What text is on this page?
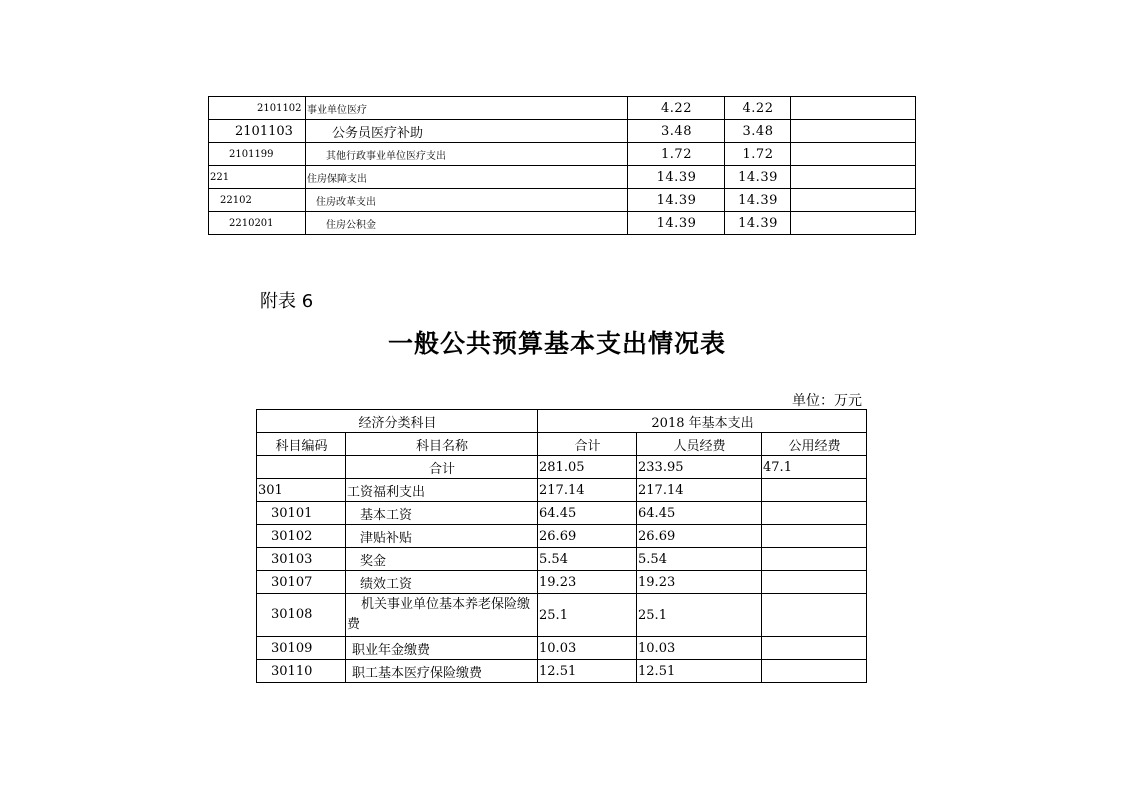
2101102	事业单位医疗	4.22	4.22	
2101103	公务员医疗补助	3.48	3.48	
2101199	其他行政事业单位医疗支出	1.72	1.72	
221	住房保障支出	14.39	14.39	
22102	住房改革支出	14.39	14.39	
2210201	住房公积金	14.39	14.39	
附表 6
一般公共预算基本支出情况表
单位：万元
经济分类科目		2018 年基本支出		
科目编码	科目名称	合计	人员经费	公用经费
	合计	281.05	233.95	47.1
301	工资福利支出	217.14	217.14	
30101	基本工资	64.45	64.45	
30102	津贴补贴	26.69	26.69	
30103	奖金	5.54	5.54	
30107	绩效工资	19.23	19.23	
30108	机关事业单位基本养老保险缴费	25.1	25.1	
30109	职业年金缴费	10.03	10.03	
30110	职工基本医疗保险缴费	12.51	12.51	
